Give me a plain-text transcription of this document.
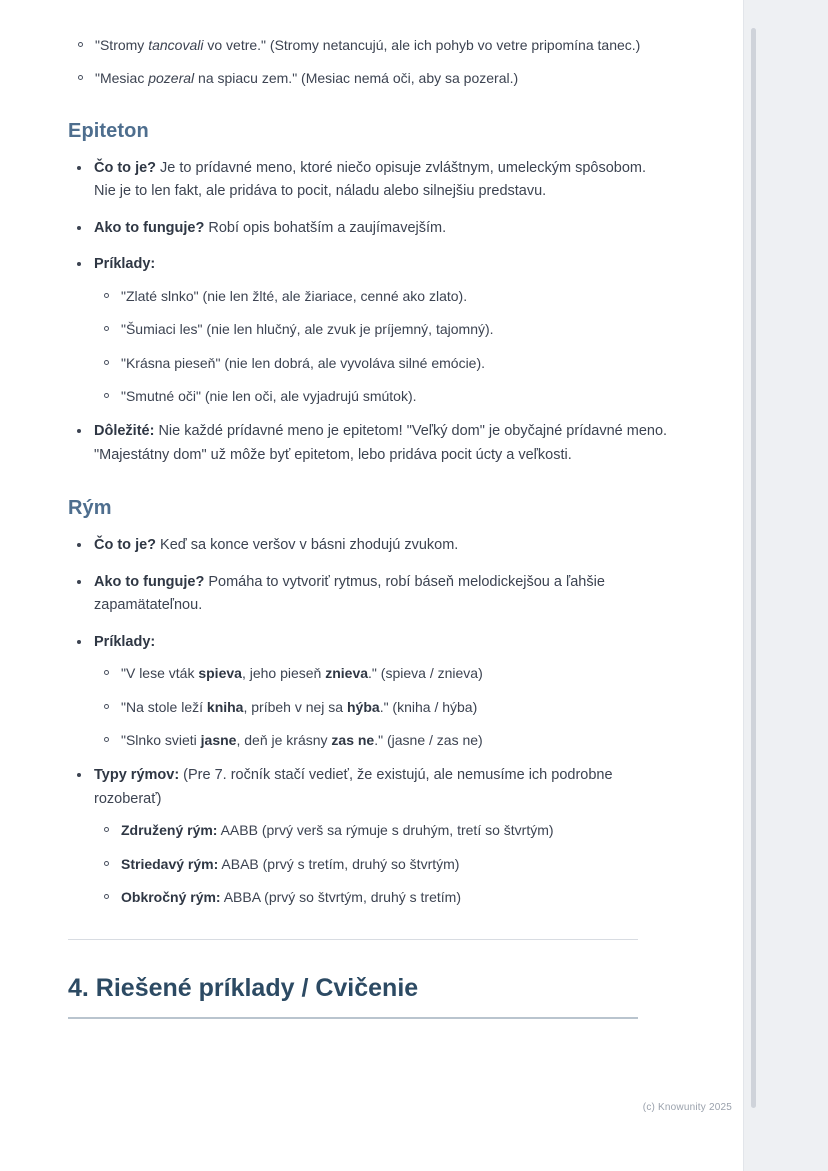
"Stromy tancovali vo vetre." (Stromy netancujú, ale ich pohyb vo vetre pripomína tanec.)
"Mesiac pozeral na spiacu zem." (Mesiac nemá oči, aby sa pozeral.)
Epiteton
Čo to je? Je to prídavné meno, ktoré niečo opisuje zvláštnym, umeleckým spôsobom. Nie je to len fakt, ale pridáva to pocit, náladu alebo silnejšiu predstavu.
Ako to funguje? Robí opis bohatším a zaujímavejším.
Príklady:
"Zlaté slnko" (nie len žlté, ale žiariace, cenné ako zlato).
"Šumiaci les" (nie len hlučný, ale zvuk je príjemný, tajomný).
"Krásna pieseň" (nie len dobrá, ale vyvoláva silné emócie).
"Smutné oči" (nie len oči, ale vyjadrujú smútok).
Dôležité: Nie každé prídavné meno je epitetom! "Veľký dom" je obyčajné prídavné meno. "Majestátny dom" už môže byť epitetom, lebo pridáva pocit úcty a veľkosti.
Rým
Čo to je? Keď sa konce veršov v básni zhodujú zvukom.
Ako to funguje? Pomáha to vytvoriť rytmus, robí báseň melodickejšou a ľahšie zapamätateľnou.
Príklady:
"V lese vták spieva, jeho pieseň znieva." (spieva / znieva)
"Na stole leží kniha, príbeh v nej sa hýba." (kniha / hýba)
"Slnko svieti jasne, deň je krásny zas ne." (jasne / zas ne)
Typy rýmov: (Pre 7. ročník stačí vedieť, že existujú, ale nemusíme ich podrobne rozoberať)
Združený rým: AABB (prvý verš sa rýmuje s druhým, tretí so štvrtým)
Striedavý rým: ABAB (prvý s tretím, druhý so štvrtým)
Obkročný rým: ABBA (prvý so štvrtým, druhý s tretím)
4. Riešené príklady / Cvičenie
(c) Knowunity 2025
